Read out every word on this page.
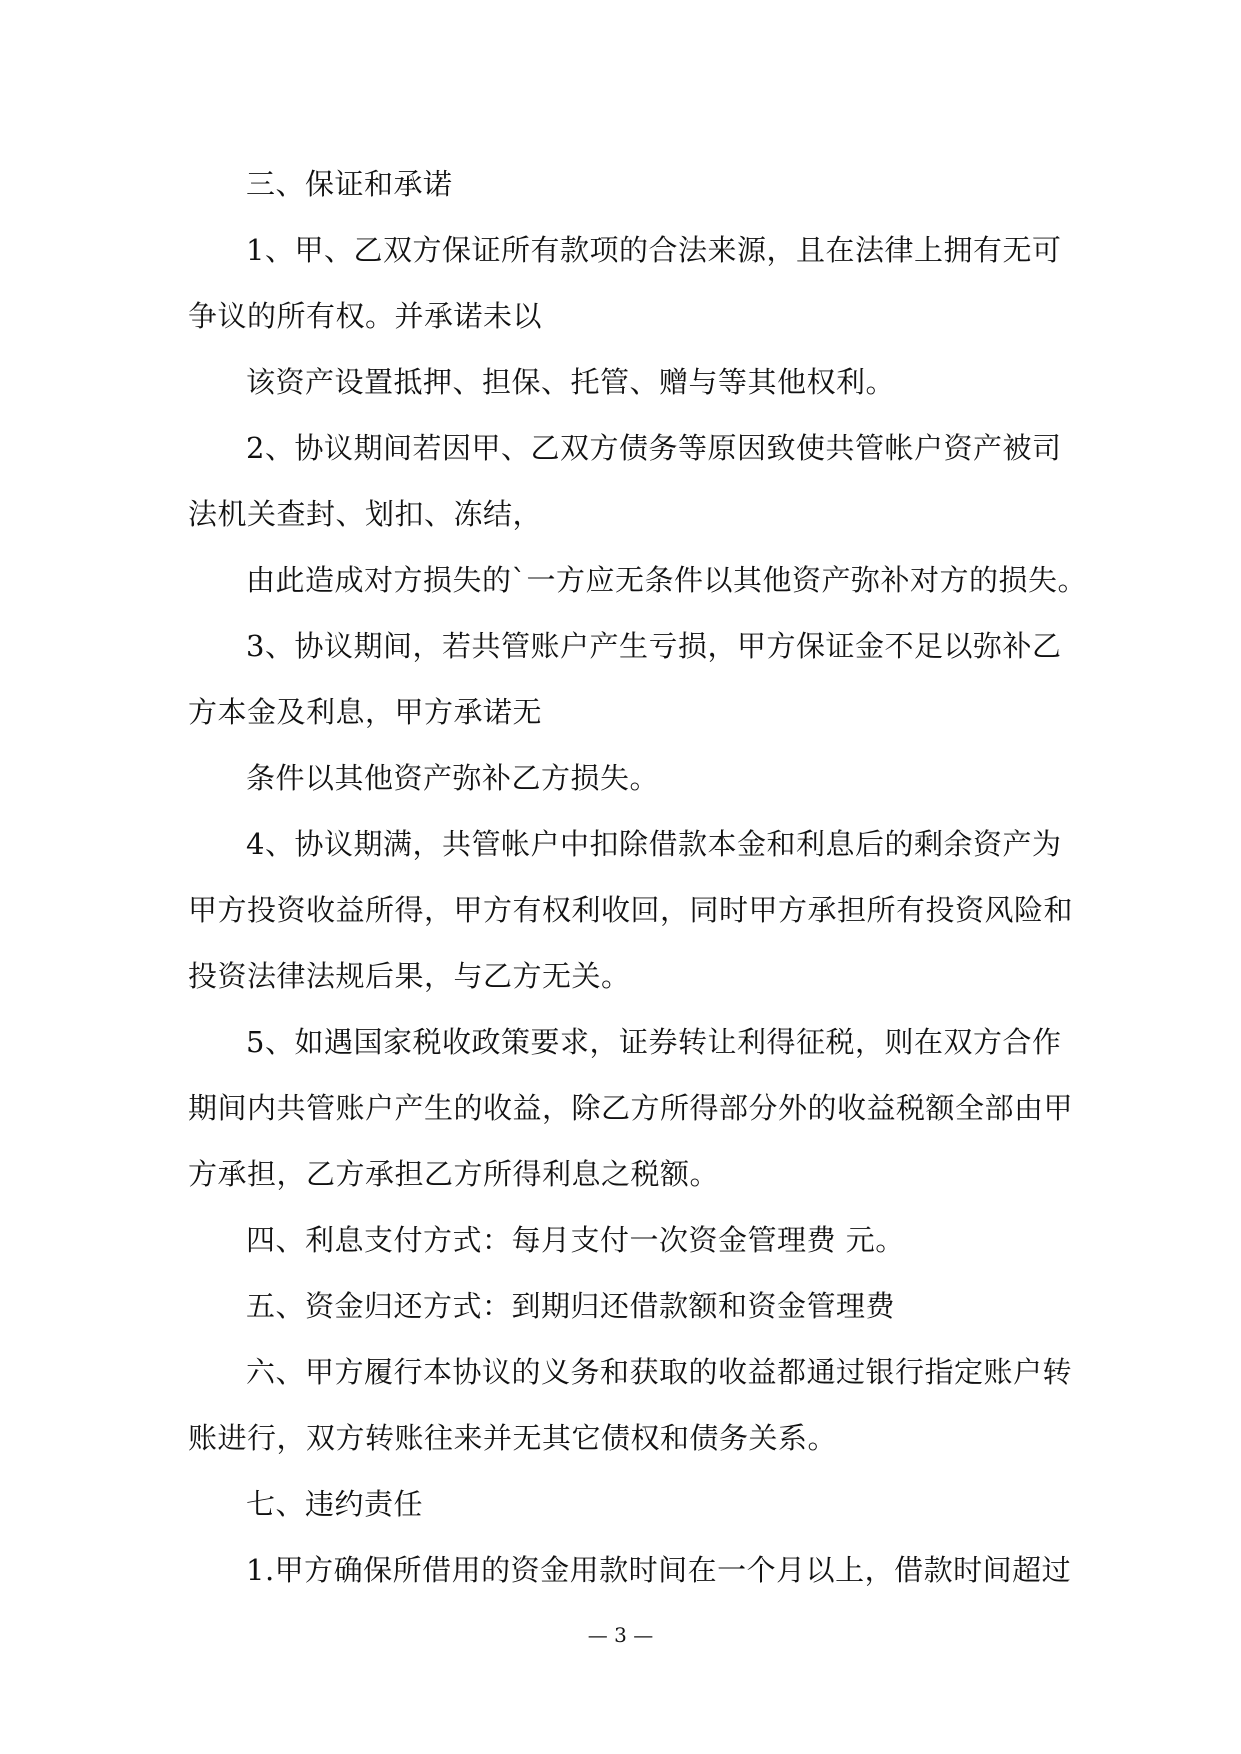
三、保证和承诺
1、甲、乙双方保证所有款项的合法来源，且在法律上拥有无可
争议的所有权。并承诺未以
该资产设置抵押、担保、托管、赠与等其他权利。
2、协议期间若因甲、乙双方债务等原因致使共管帐户资产被司
法机关查封、划扣、冻结，
由此造成对方损失的`一方应无条件以其他资产弥补对方的损失。
3、协议期间，若共管账户产生亏损，甲方保证金不足以弥补乙
方本金及利息，甲方承诺无
条件以其他资产弥补乙方损失。
4、协议期满，共管帐户中扣除借款本金和利息后的剩余资产为
甲方投资收益所得，甲方有权利收回，同时甲方承担所有投资风险和
投资法律法规后果，与乙方无关。
5、如遇国家税收政策要求，证券转让利得征税，则在双方合作
期间内共管账户产生的收益，除乙方所得部分外的收益税额全部由甲
方承担，乙方承担乙方所得利息之税额。
四、利息支付方式：每月支付一次资金管理费 元。
五、资金归还方式：到期归还借款额和资金管理费
六、甲方履行本协议的义务和获取的收益都通过银行指定账户转
账进行，双方转账往来并无其它债权和债务关系。
七、违约责任
1.甲方确保所借用的资金用款时间在一个月以上，借款时间超过
— 3 —
